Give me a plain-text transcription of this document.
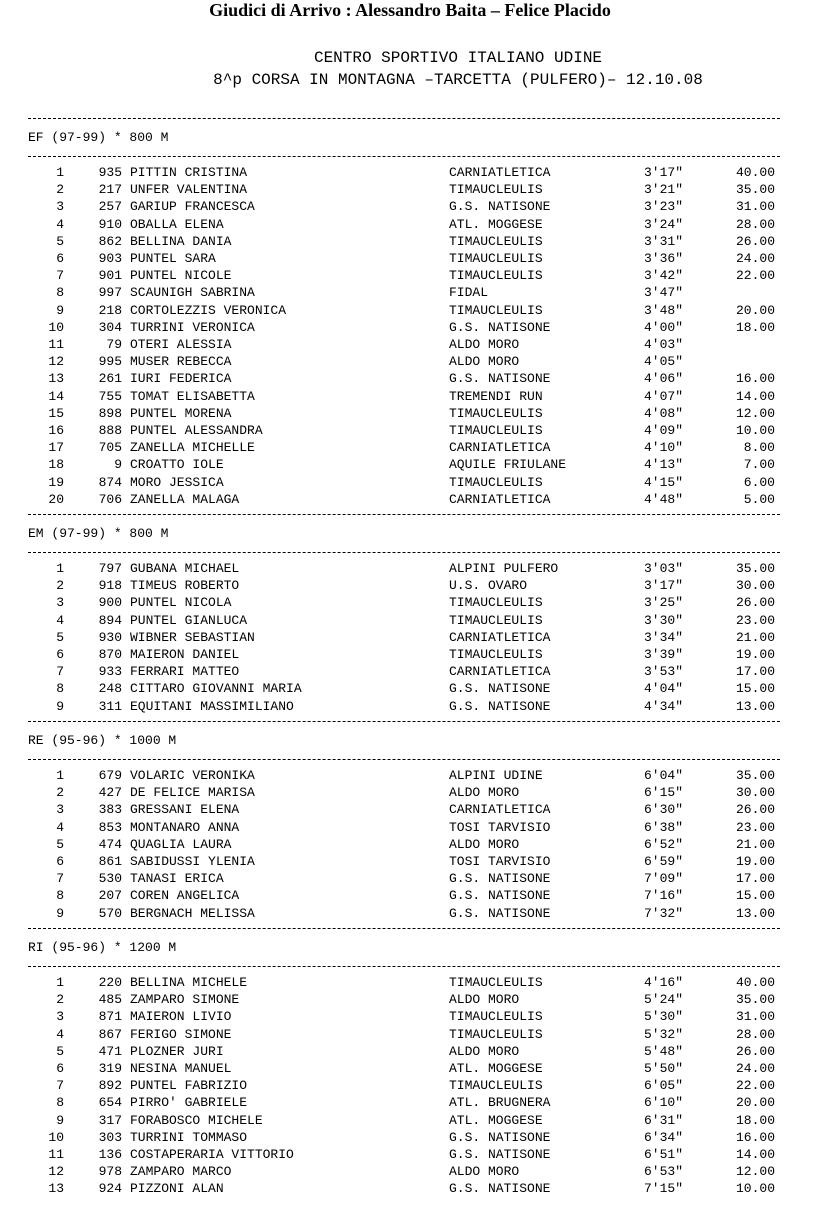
Giudici di Arrivo : Alessandro Baita – Felice Placido
CENTRO SPORTIVO ITALIANO UDINE
8^p CORSA IN MONTAGNA –TARCETTA (PULFERO)– 12.10.08
EF (97-99) * 800 M
1	935 PITTIN CRISTINA	CARNIATLETICA	3'17"	40.00
2	217 UNFER VALENTINA	TIMAUCLEULIS	3'21"	35.00
3	257 GARIUP FRANCESCA	G.S. NATISONE	3'23"	31.00
4	910 OBALLA ELENA	ATL. MOGGESE	3'24"	28.00
5	862 BELLINA DANIA	TIMAUCLEULIS	3'31"	26.00
6	903 PUNTEL SARA	TIMAUCLEULIS	3'36"	24.00
7	901 PUNTEL NICOLE	TIMAUCLEULIS	3'42"	22.00
8	997 SCAUNIGH SABRINA	FIDAL	3'47"
9	218 CORTOLEZZIS VERONICA	TIMAUCLEULIS	3'48"	20.00
10	304 TURRINI VERONICA	G.S. NATISONE	4'00"	18.00
11	79 OTERI ALESSIA	ALDO MORO	4'03"
12	995 MUSER REBECCA	ALDO MORO	4'05"
13	261 IURI FEDERICA	G.S. NATISONE	4'06"	16.00
14	755 TOMAT ELISABETTA	TREMENDI RUN	4'07"	14.00
15	898 PUNTEL MORENA	TIMAUCLEULIS	4'08"	12.00
16	888 PUNTEL ALESSANDRA	TIMAUCLEULIS	4'09"	10.00
17	705 ZANELLA MICHELLE	CARNIATLETICA	4'10"	8.00
18	9 CROATTO IOLE	AQUILE FRIULANE	4'13"	7.00
19	874 MORO JESSICA	TIMAUCLEULIS	4'15"	6.00
20	706 ZANELLA MALAGA	CARNIATLETICA	4'48"	5.00
EM (97-99) * 800 M
1	797 GUBANA MICHAEL	ALPINI PULFERO	3'03"	35.00
2	918 TIMEUS ROBERTO	U.S. OVARO	3'17"	30.00
3	900 PUNTEL NICOLA	TIMAUCLEULIS	3'25"	26.00
4	894 PUNTEL GIANLUCA	TIMAUCLEULIS	3'30"	23.00
5	930 WIBNER SEBASTIAN	CARNIATLETICA	3'34"	21.00
6	870 MAIERON DANIEL	TIMAUCLEULIS	3'39"	19.00
7	933 FERRARI MATTEO	CARNIATLETICA	3'53"	17.00
8	248 CITTARO GIOVANNI MARIA	G.S. NATISONE	4'04"	15.00
9	311 EQUITANI MASSIMILIANO	G.S. NATISONE	4'34"	13.00
RE (95-96) * 1000 M
1	679 VOLARIC VERONIKA	ALPINI UDINE	6'04"	35.00
2	427 DE FELICE MARISA	ALDO MORO	6'15"	30.00
3	383 GRESSANI ELENA	CARNIATLETICA	6'30"	26.00
4	853 MONTANARO ANNA	TOSI TARVISIO	6'38"	23.00
5	474 QUAGLIA LAURA	ALDO MORO	6'52"	21.00
6	861 SABIDUSSI YLENIA	TOSI TARVISIO	6'59"	19.00
7	530 TANASI ERICA	G.S. NATISONE	7'09"	17.00
8	207 COREN ANGELICA	G.S. NATISONE	7'16"	15.00
9	570 BERGNACH MELISSA	G.S. NATISONE	7'32"	13.00
RI (95-96) * 1200 M
1	220 BELLINA MICHELE	TIMAUCLEULIS	4'16"	40.00
2	485 ZAMPARO SIMONE	ALDO MORO	5'24"	35.00
3	871 MAIERON LIVIO	TIMAUCLEULIS	5'30"	31.00
4	867 FERIGO SIMONE	TIMAUCLEULIS	5'32"	28.00
5	471 PLOZNER JURI	ALDO MORO	5'48"	26.00
6	319 NESINA MANUEL	ATL. MOGGESE	5'50"	24.00
7	892 PUNTEL FABRIZIO	TIMAUCLEULIS	6'05"	22.00
8	654 PIRRO' GABRIELE	ATL. BRUGNERA	6'10"	20.00
9	317 FORABOSCO MICHELE	ATL. MOGGESE	6'31"	18.00
10	303 TURRINI TOMMASO	G.S. NATISONE	6'34"	16.00
11	136 COSTAPERARIA VITTORIO	G.S. NATISONE	6'51"	14.00
12	978 ZAMPARO MARCO	ALDO MORO	6'53"	12.00
13	924 PIZZONI ALAN	G.S. NATISONE	7'15"	10.00
